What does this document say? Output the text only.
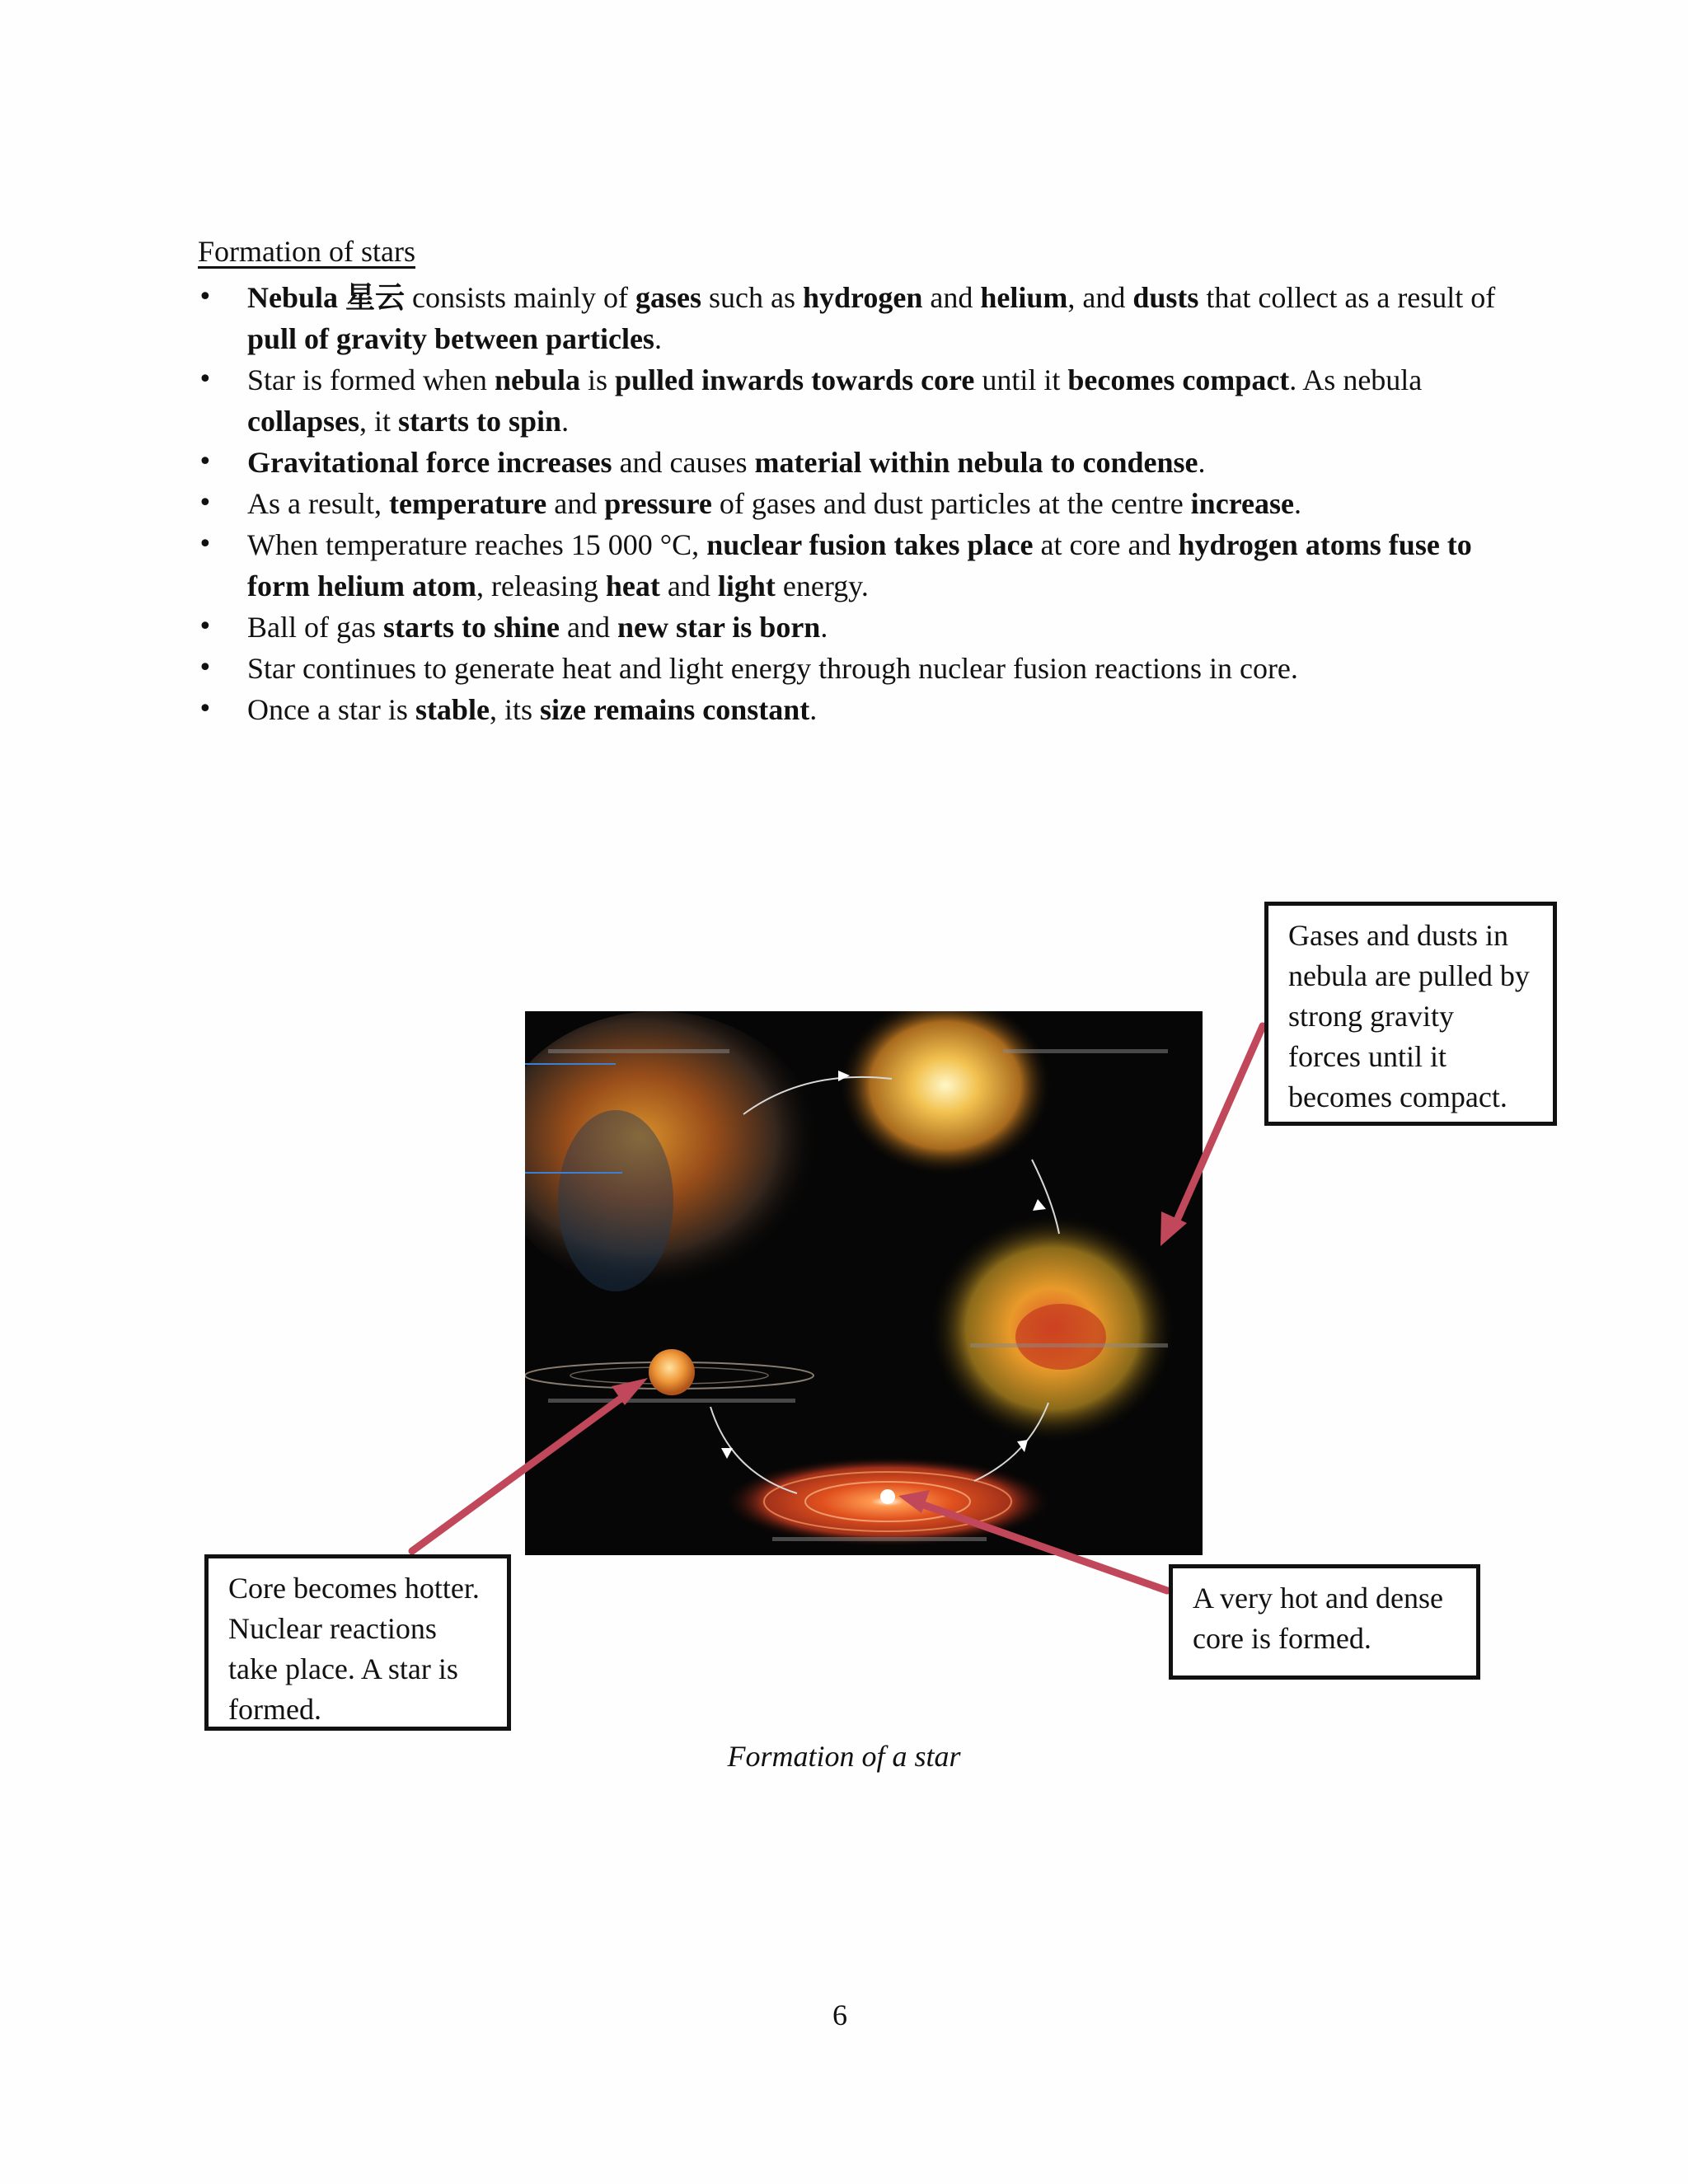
Formation of stars
• Nebula 星云 consists mainly of gases such as hydrogen and helium, and dusts that collect as a result of pull of gravity between particles.
• Star is formed when nebula is pulled inwards towards core until it becomes compact. As nebula collapses, it starts to spin.
• Gravitational force increases and causes material within nebula to condense.
• As a result, temperature and pressure of gases and dust particles at the centre increase.
• When temperature reaches 15 000 °C, nuclear fusion takes place at core and hydrogen atoms fuse to form helium atom, releasing heat and light energy.
• Ball of gas starts to shine and new star is born.
• Star continues to generate heat and light energy through nuclear fusion reactions in core.
• Once a star is stable, its size remains constant.
Gases and dusts in nebula are pulled by strong gravity forces until it becomes compact.
Core becomes hotter. Nuclear reactions take place. A star is formed.
A very hot and dense core is formed.

Formation of a star

6
